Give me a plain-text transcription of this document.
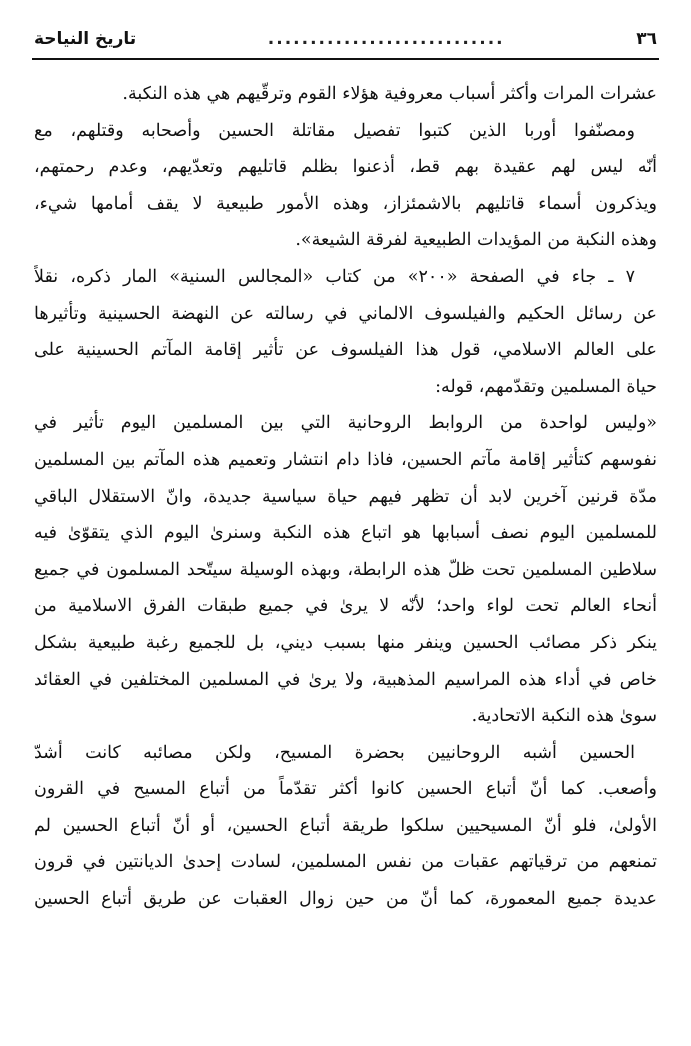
٣٦
............................
تاريخ النياحة
عشرات المرات وأكثر أسباب معروفية هؤلاء القوم وترقّيهم هي هذه النكبة.
ومصنّفوا أوربا الذين كتبوا تفصيل مقاتلة الحسين وأصحابه وقتلهم، مع
أنّه ليس لهم عقيدة بهم قط، أذعنوا بظلم قاتليهم وتعدّيهم، وعدم رحمتهم،
ويذكرون أسماء قاتليهم بالاشمئزاز، وهذه الأمور طبيعية لا يقف أمامها شيء،
وهذه النكبة من المؤيدات الطبيعية لفرقة الشيعة».
٧ ـ جاء في الصفحة «٢٠٠» من كتاب «المجالس السنية» المار ذكره، نقلاً
عن رسائل الحكيم والفيلسوف الالماني في رسالته عن النهضة الحسينية وتأثيرها
على العالم الاسلامي، قول هذا الفيلسوف عن تأثير إقامة المآتم الحسينية على
حياة المسلمين وتقدّمهم، قوله:
«وليس لواحدة من الروابط الروحانية التي بين المسلمين اليوم تأثير في
نفوسهم كتأثير إقامة مآتم الحسين، فاذا دام انتشار وتعميم هذه المآتم بين المسلمين
مدّة قرنين آخرين لابد أن تظهر فيهم حياة سياسية جديدة، وانّ الاستقلال الباقي
للمسلمين اليوم نصف أسبابها هو اتباع هذه النكبة وسنرىٰ اليوم الذي يتقوّىٰ فيه
سلاطين المسلمين تحت ظلّ هذه الرابطة، وبهذه الوسيلة سيتّحد المسلمون في جميع
أنحاء العالم تحت لواء واحد؛ لأنّه لا يرىٰ في جميع طبقات الفرق الاسلامية من
ينكر ذكر مصائب الحسين وينفر منها بسبب ديني، بل للجميع رغبة طبيعية بشكل
خاص في أداء هذه المراسيم المذهبية، ولا يرىٰ في المسلمين المختلفين في العقائد
سوىٰ هذه النكبة الاتحادية.
الحسين أشبه الروحانيين بحضرة المسيح، ولكن مصائبه كانت أشدّ
وأصعب. كما أنّ أتباع الحسين كانوا أكثر تقدّماً من أتباع المسيح في القرون
الأولىٰ، فلو أنّ المسيحيين سلكوا طريقة أتباع الحسين، أو أنّ أتباع الحسين لم
تمنعهم من ترقياتهم عقبات من نفس المسلمين، لسادت إحدىٰ الديانتين في قرون
عديدة جميع المعمورة، كما أنّ من حين زوال العقبات عن طريق أتباع الحسين
